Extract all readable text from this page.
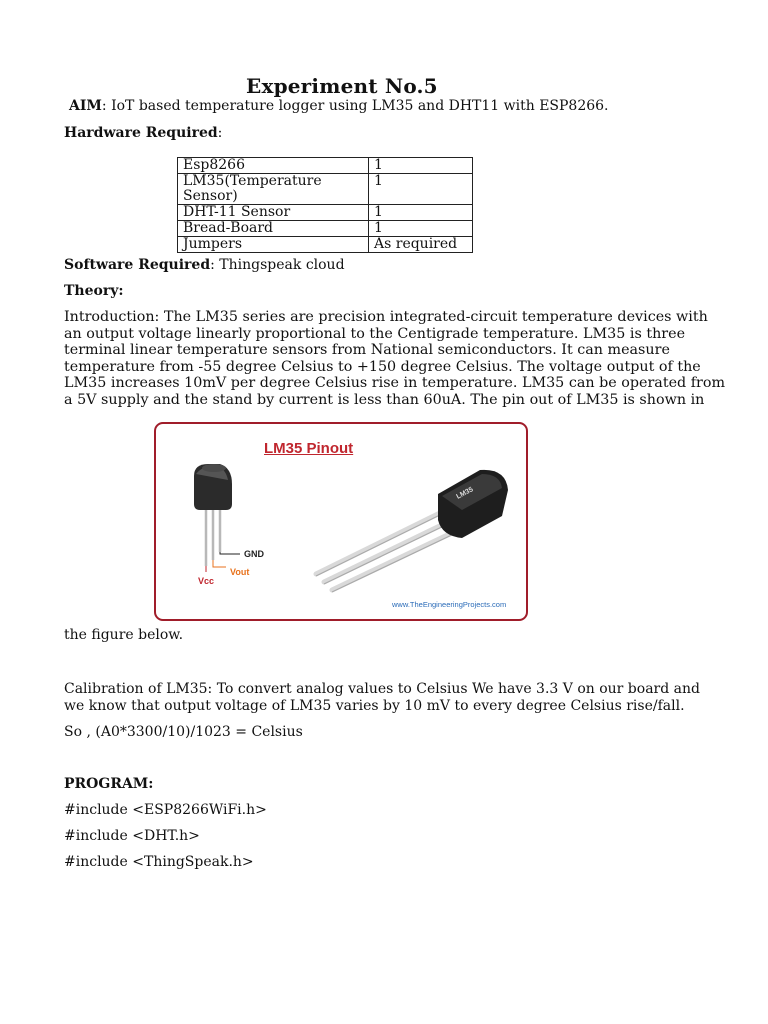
Experiment No.5
AIM: IoT based temperature logger using LM35 and DHT11 with ESP8266.
Hardware Required:
Esp8266	1

LM35(Temperature
Sensor)	1

DHT-11 Sensor	1

Bread-Board	1

Jumpers	As required
Software Required: Thingspeak cloud
Theory:
Introduction: The LM35 series are precision integrated-circuit temperature devices with
an output voltage linearly proportional to the Centigrade temperature. LM35 is three
terminal linear temperature sensors from National semiconductors. It can measure
temperature from -55 degree Celsius to +150 degree Celsius. The voltage output of the
LM35 increases 10mV per degree Celsius rise in temperature. LM35 can be operated from
a 5V supply and the stand by current is less than 60uA. The pin out of LM35 is shown in
LM35 Pinout
GND
Vout
Vcc
LM35
www.TheEngineeringProjects.com
the figure below.
Calibration of LM35: To convert analog values to Celsius We have 3.3 V on our board and
we know that output voltage of LM35 varies by 10 mV to every degree Celsius rise/fall.
So , (A0*3300/10)/1023 = Celsius
PROGRAM:
#include <ESP8266WiFi.h>
#include <DHT.h>
#include <ThingSpeak.h>
